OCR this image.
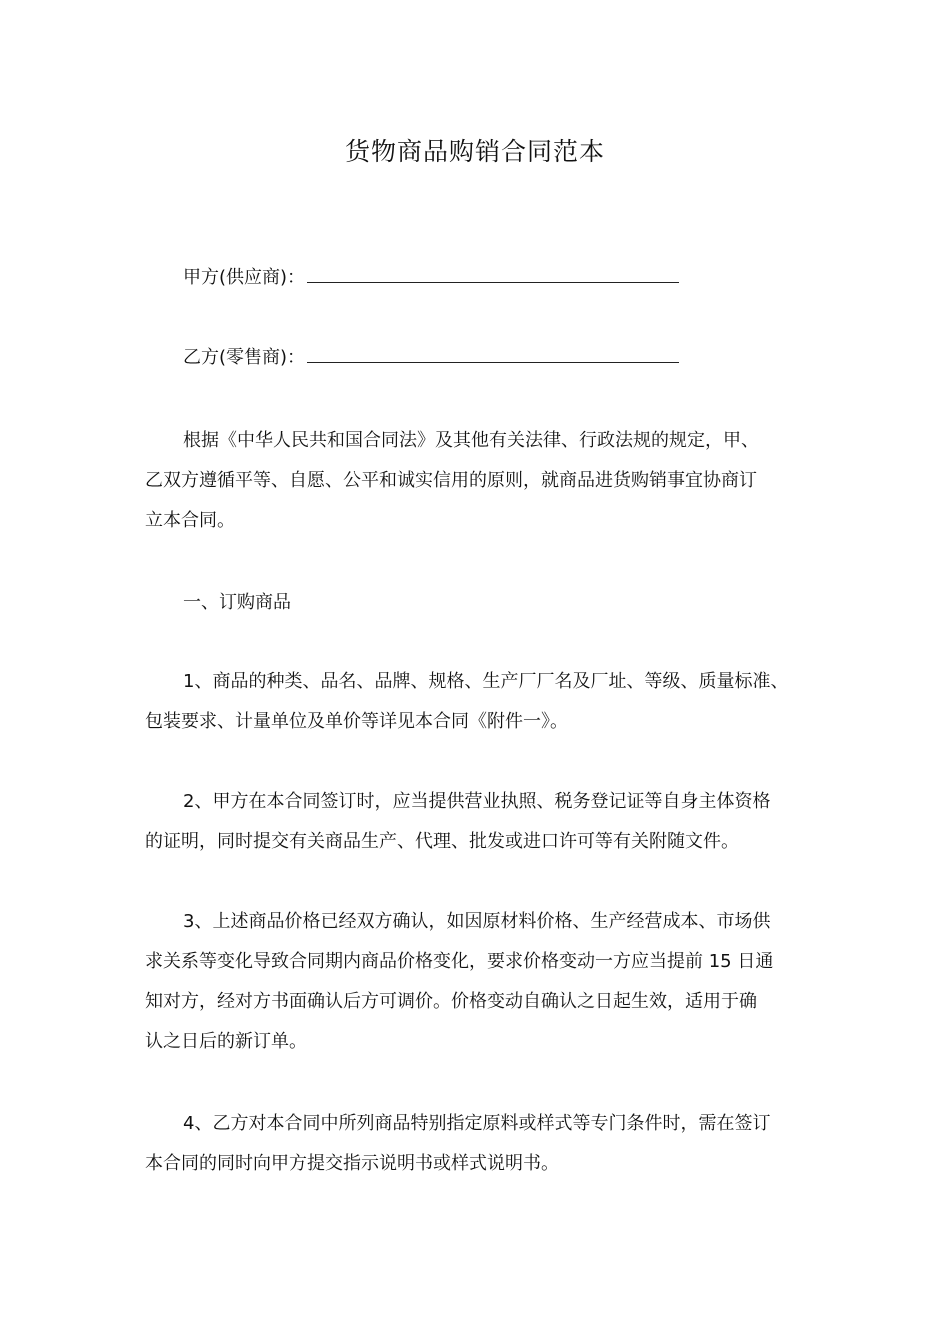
货物商品购销合同范本
甲方(供应商)：
乙方(零售商)：
根据《中华人民共和国合同法》及其他有关法律、行政法规的规定，甲、
乙双方遵循平等、自愿、公平和诚实信用的原则，就商品进货购销事宜协商订
立本合同。
一、订购商品
1、商品的种类、品名、品牌、规格、生产厂厂名及厂址、等级、质量标准、
包装要求、计量单位及单价等详见本合同《附件一》。
2、甲方在本合同签订时，应当提供营业执照、税务登记证等自身主体资格
的证明，同时提交有关商品生产、代理、批发或进口许可等有关附随文件。
3、上述商品价格已经双方确认，如因原材料价格、生产经营成本、市场供
求关系等变化导致合同期内商品价格变化，要求价格变动一方应当提前 15 日通
知对方，经对方书面确认后方可调价。价格变动自确认之日起生效，适用于确
认之日后的新订单。
4、乙方对本合同中所列商品特别指定原料或样式等专门条件时，需在签订
本合同的同时向甲方提交指示说明书或样式说明书。
